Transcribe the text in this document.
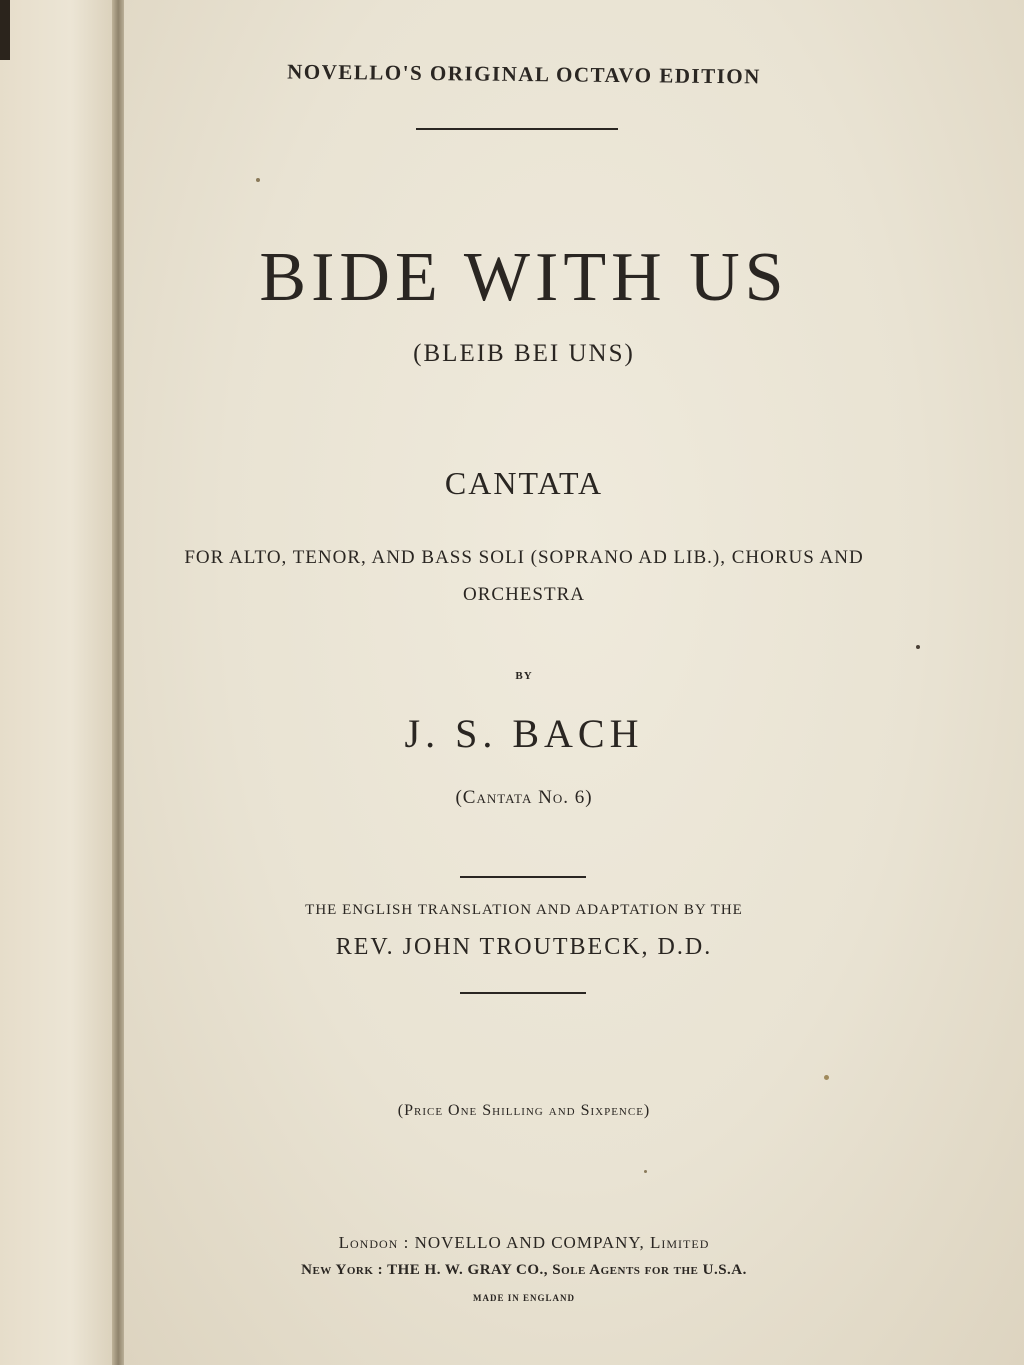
NOVELLO'S ORIGINAL OCTAVO EDITION
BIDE WITH US
(BLEIB BEI UNS)
CANTATA
FOR ALTO, TENOR, AND BASS SOLI (SOPRANO AD LIB.), CHORUS AND
ORCHESTRA
BY
J. S. BACH
(Cantata No. 6)
THE ENGLISH TRANSLATION AND ADAPTATION BY THE
REV. JOHN TROUTBECK, D.D.
(Price One Shilling and Sixpence)
London : NOVELLO AND COMPANY, Limited
New York : THE H. W. GRAY CO., Sole Agents for the U.S.A.
MADE IN ENGLAND
